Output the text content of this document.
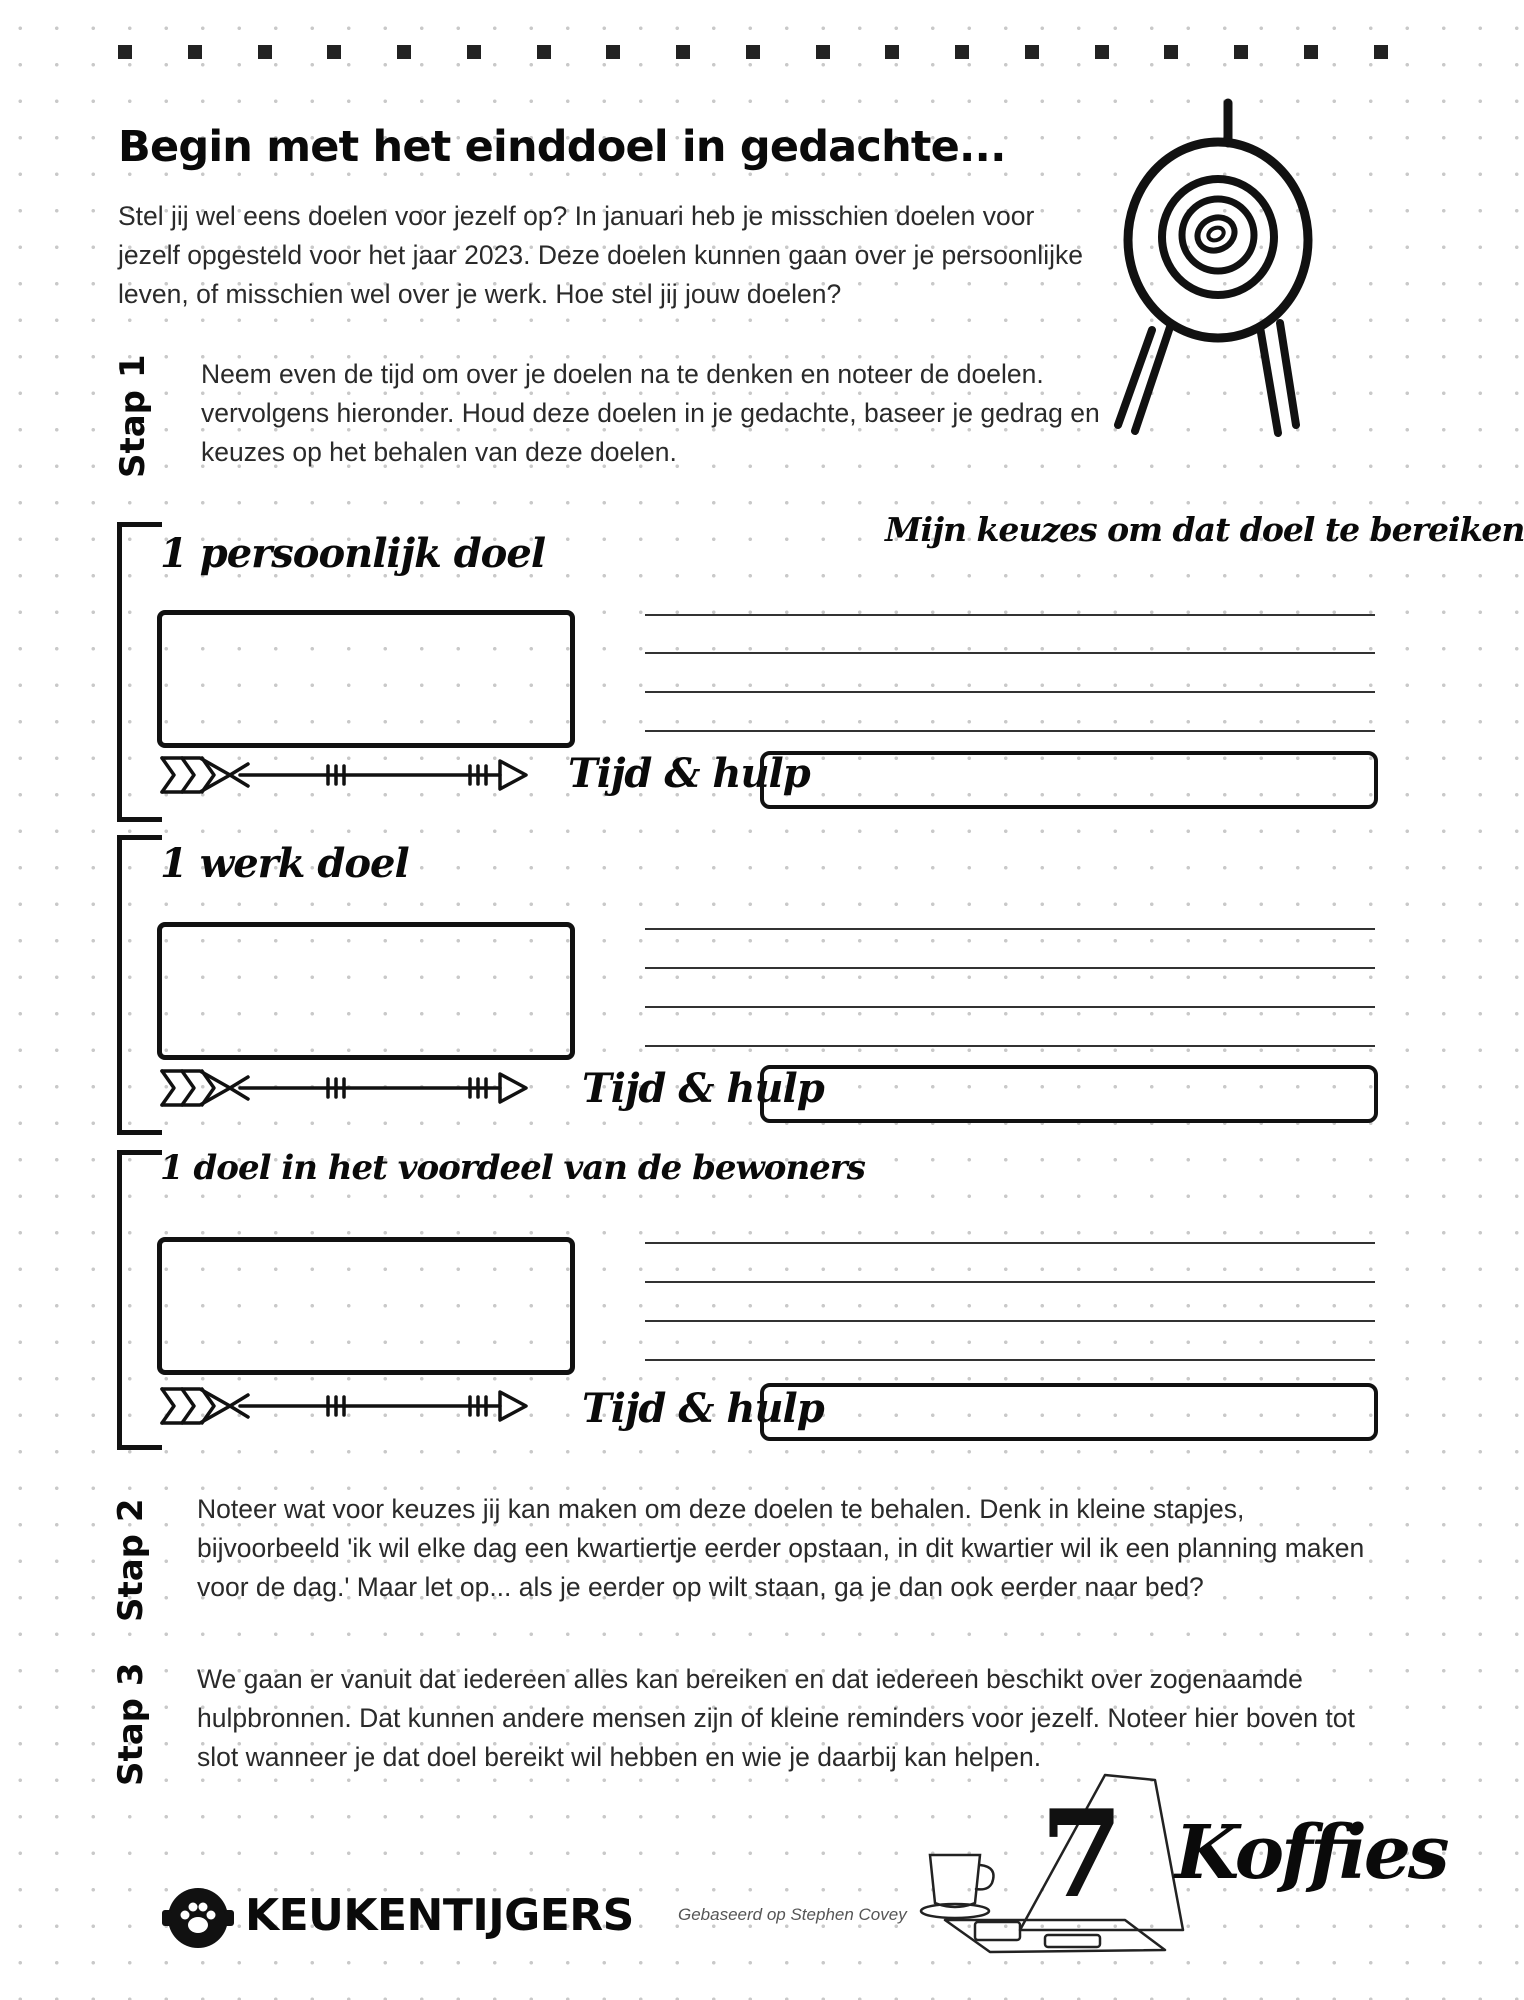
Begin met het einddoel in gedachte...
Stel jij wel eens doelen voor jezelf op? In januari heb je misschien doelen voor jezelf opgesteld voor het jaar 2023. Deze doelen kunnen gaan over je persoonlijke leven, of misschien wel over je werk. Hoe stel jij jouw doelen?
Stap 1 Neem even de tijd om over je doelen na te denken en noteer de doelen. vervolgens hieronder. Houd deze doelen in je gedachte, baseer je gedrag en keuzes op het behalen van deze doelen.
Mijn keuzes om dat doel te bereiken
1 persoonlijk doel
Tijd & hulp
1 werk doel
Tijd & hulp
1 doel in het voordeel van de bewoners
Tijd & hulp
Stap 2 Noteer wat voor keuzes jij kan maken om deze doelen te behalen. Denk in kleine stapjes, bijvoorbeeld 'ik wil elke dag een kwartiertje eerder opstaan, in dit kwartier wil ik een planning maken voor de dag.' Maar let op... als je eerder op wilt staan, ga je dan ook eerder naar bed?
Stap 3 We gaan er vanuit dat iedereen alles kan bereiken en dat iedereen beschikt over zogenaamde hulpbronnen. Dat kunnen andere mensen zijn of kleine reminders voor jezelf. Noteer hier boven tot slot wanneer je dat doel bereikt wil hebben en wie je daarbij kan helpen.
KEUKENTIJGERS	Gebaseerd op Stephen Covey 7 Koffies
